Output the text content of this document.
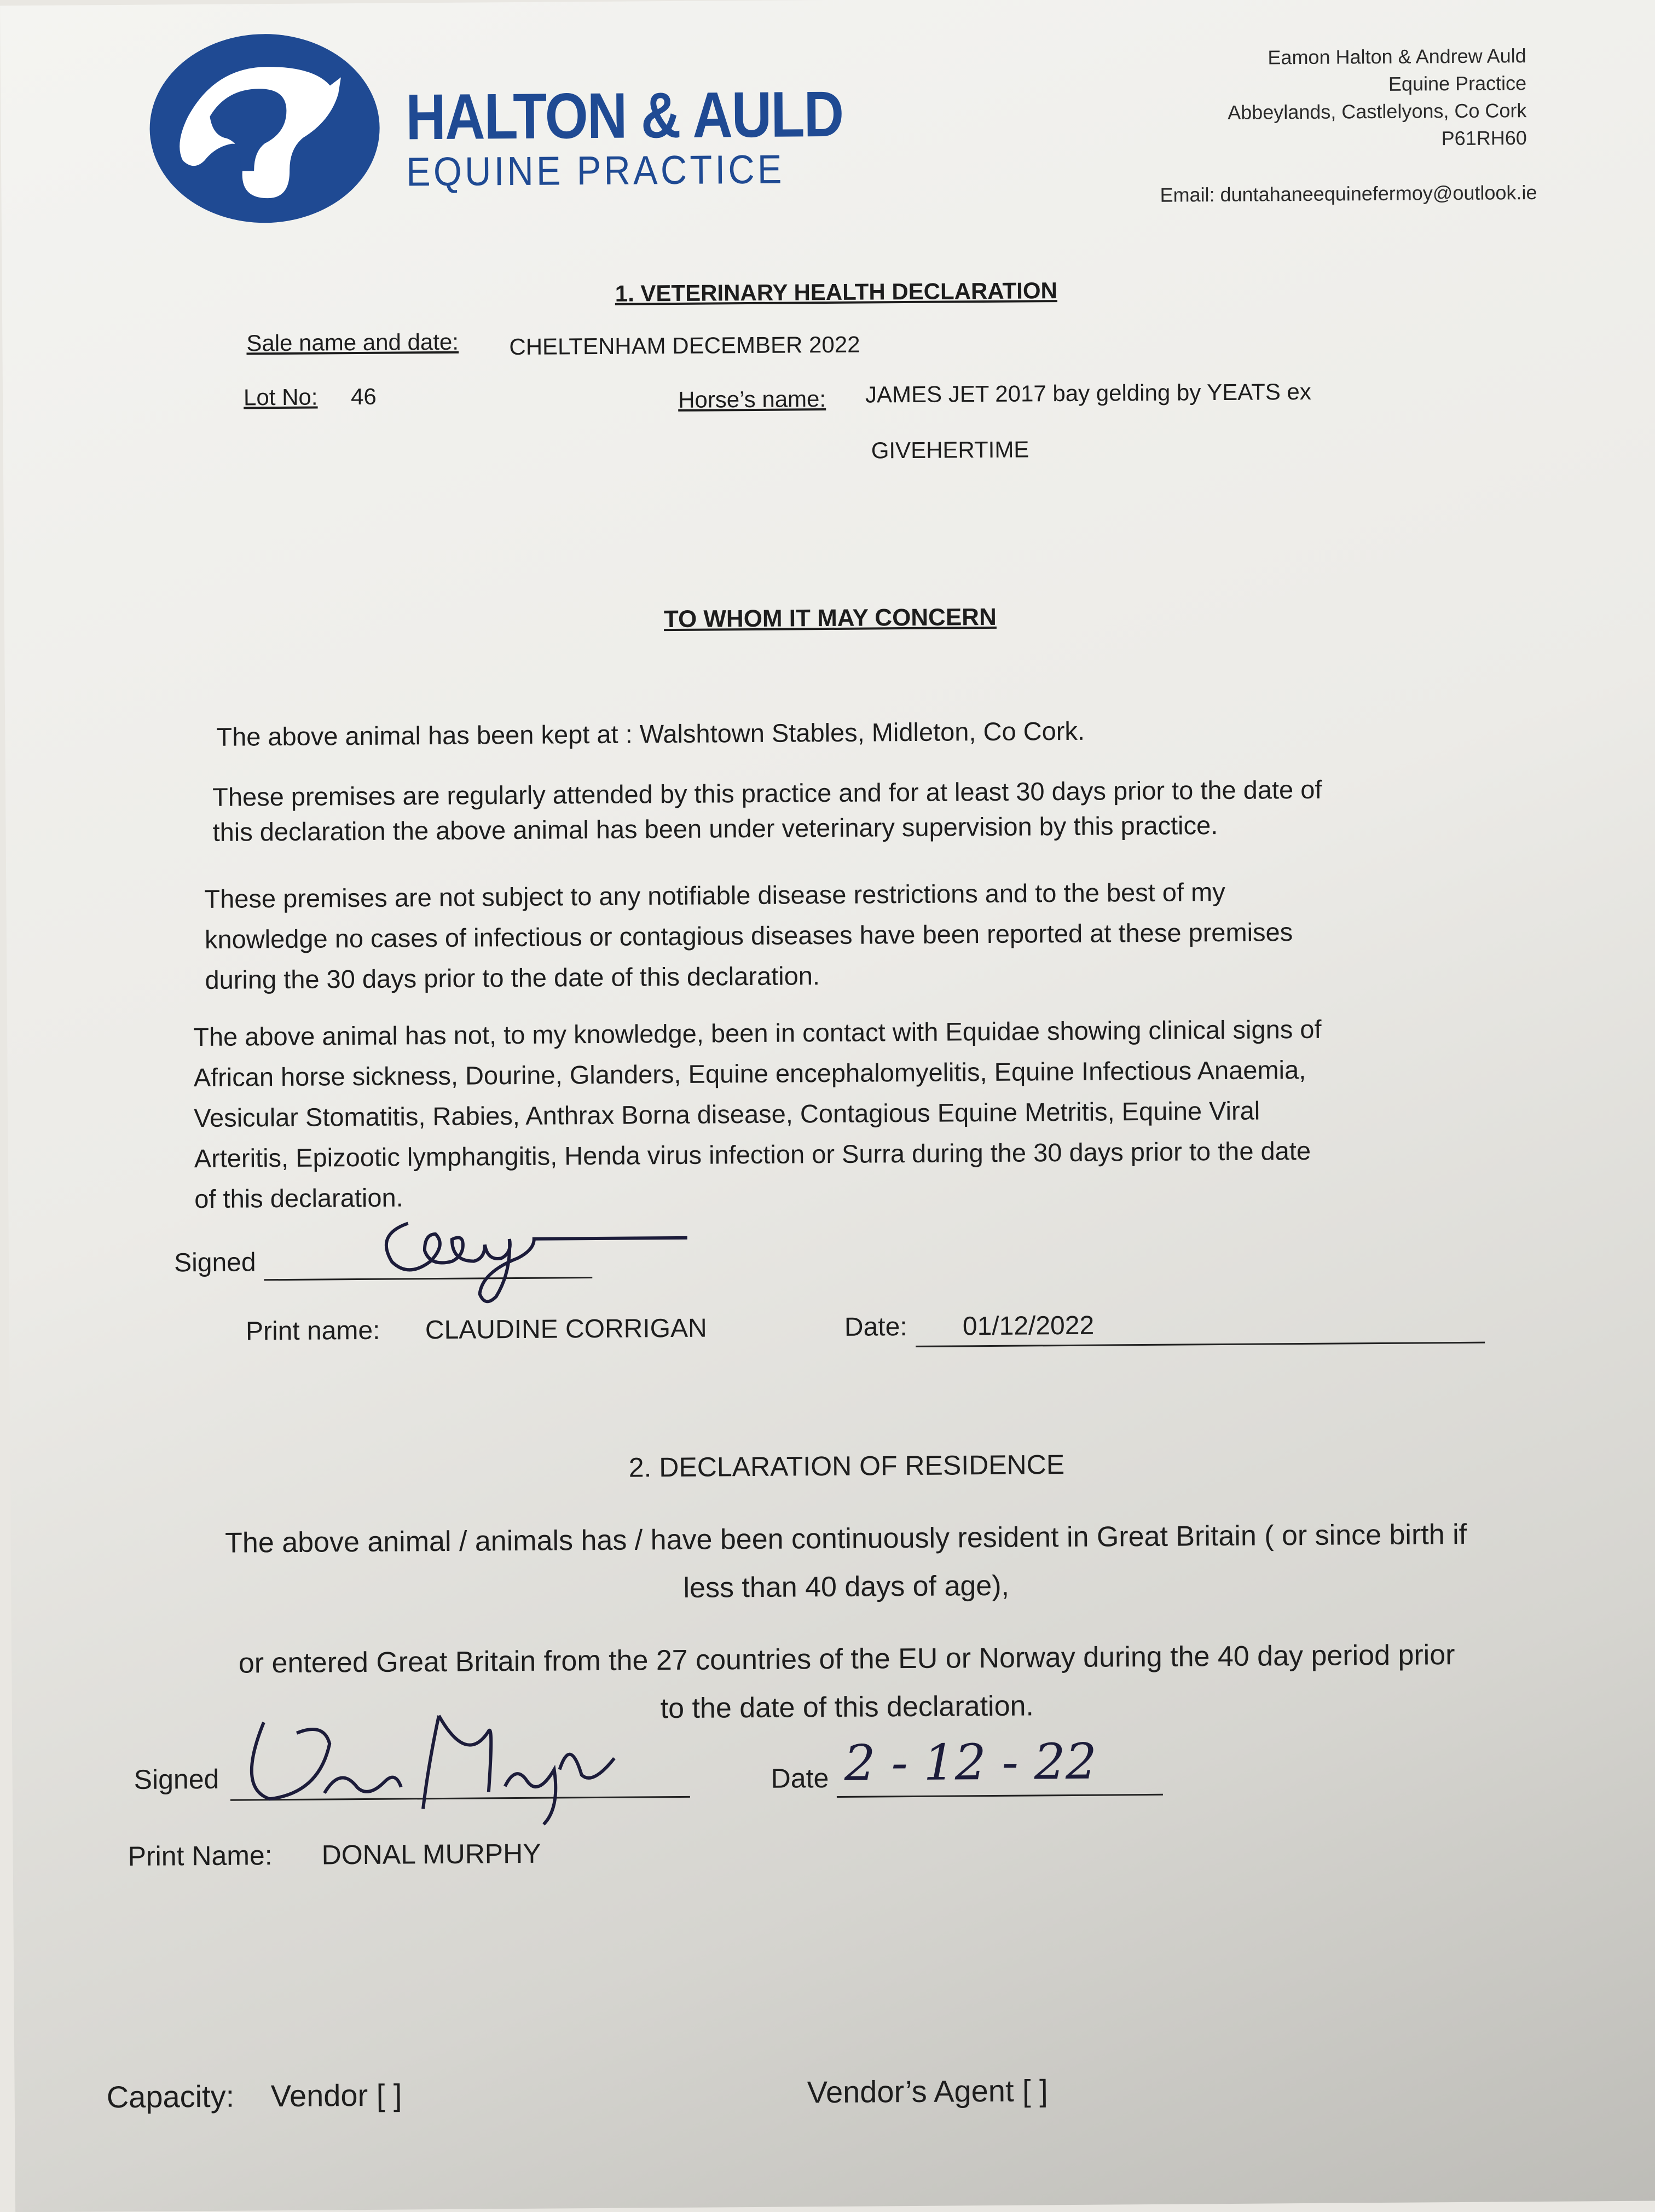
HALTON & AULD
EQUINE PRACTICE
Eamon Halton & Andrew Auld
Equine Practice
Abbeylands, Castlelyons, Co Cork
P61RH60
Email: duntahaneequinefermoy@outlook.ie
1. VETERINARY HEALTH DECLARATION
Sale name and date: CHELTENHAM DECEMBER 2022
Lot No: 46	Horse’s name: JAMES JET 2017 bay gelding by YEATS ex
GIVEHERTIME
TO WHOM IT MAY CONCERN
The above animal has been kept at : Walshtown Stables, Midleton, Co Cork.
These premises are regularly attended by this practice and for at least 30 days prior to the date of
this declaration the above animal has been under veterinary supervision by this practice.
These premises are not subject to any notifiable disease restrictions and to the best of my
knowledge no cases of infectious or contagious diseases have been reported at these premises
during the 30 days prior to the date of this declaration.
The above animal has not, to my knowledge, been in contact with Equidae showing clinical signs of
African horse sickness, Dourine, Glanders, Equine encephalomyelitis, Equine Infectious Anaemia,
Vesicular Stomatitis, Rabies, Anthrax Borna disease, Contagious Equine Metritis, Equine Viral
Arteritis, Epizootic lymphangitis, Henda virus infection or Surra during the 30 days prior to the date
of this declaration.
Signed
Print name: CLAUDINE CORRIGAN	Date: 01/12/2022
2. DECLARATION OF RESIDENCE
The above animal / animals has / have been continuously resident in Great Britain ( or since birth if
less than 40 days of age),
or entered Great Britain from the 27 countries of the EU or Norway during the 40 day period prior
to the date of this declaration.
Signed	Date 2 - 12 - 22
Print Name: DONAL MURPHY
Capacity: Vendor [ ]	Vendor’s Agent [ ]
